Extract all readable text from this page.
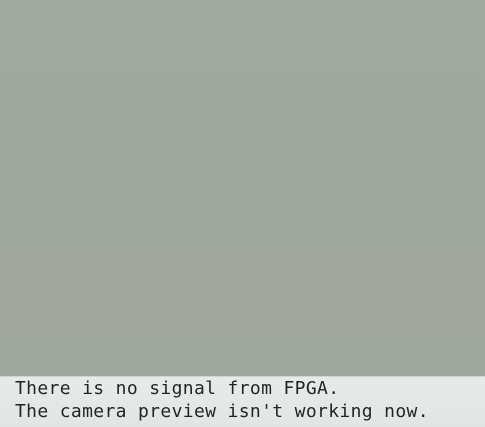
There is no signal from FPGA.

The camera preview isn't working now.
